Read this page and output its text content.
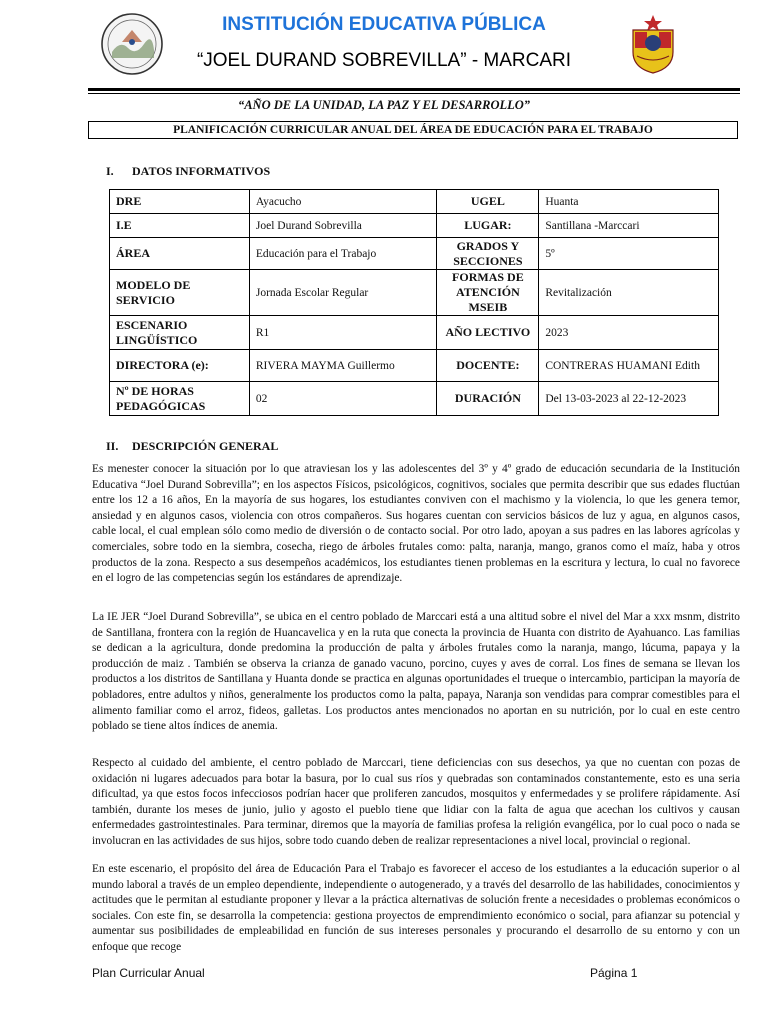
INSTITUCIÓN EDUCATIVA PÚBLICA
“JOEL DURAND SOBREVILLA” - MARCARI
“AÑO DE LA UNIDAD, LA PAZ Y EL DESARROLLO”
PLANIFICACIÓN CURRICULAR ANUAL DEL ÁREA DE EDUCACIÓN PARA EL TRABAJO
I. DATOS INFORMATIVOS
DRE	Ayacucho	UGEL	Huanta
I.E	Joel Durand Sobrevilla	LUGAR:	Santillana -Marccari
ÁREA	Educación para el Trabajo	GRADOS Y SECCIONES	5º
MODELO DE SERVICIO	Jornada Escolar Regular	FORMAS DE ATENCIÓN MSEIB	Revitalización
ESCENARIO LINGÜÍSTICO	R1	AÑO LECTIVO	2023
DIRECTORA (e):	RIVERA MAYMA Guillermo	DOCENTE:	CONTRERAS HUAMANI Edith
Nº DE HORAS PEDAGÓGICAS	02	DURACIÓN	Del 13-03-2023 al 22-12-2023
II. DESCRIPCIÓN GENERAL

Es menester conocer la situación por lo que atraviesan los y las adolescentes del 3º y 4º grado de educación secundaria de la Institución Educativa “Joel Durand Sobrevilla”; en los aspectos Físicos, psicológicos, cognitivos, sociales que permita describir que sus edades fluctúan entre los 12 a 16 años, En la mayoría de sus hogares, los estudiantes conviven con el machismo y la violencia, lo que les genera temor, ansiedad y en algunos casos, violencia con otros compañeros. Sus hogares cuentan con servicios básicos de luz y agua, en algunos casos, cable local, el cual emplean sólo como medio de diversión o de contacto social. Por otro lado, apoyan a sus padres en las labores agrícolas y comerciales, sobre todo en la siembra, cosecha, riego de árboles frutales como: palta, naranja, mango, granos como el maíz, haba y otros productos de la zona. Respecto a sus desempeños académicos, los estudiantes tienen problemas en la escritura y lectura, lo cual no favorece en el logro de las competencias según los estándares de aprendizaje.

La IE JER “Joel Durand Sobrevilla”, se ubica en el centro poblado de Marccari está a una altitud sobre el nivel del Mar a xxx msnm, distrito de Santillana, frontera con la región de Huancavelica y en la ruta que conecta la provincia de Huanta con distrito de Ayahuanco. Las familias se dedican a la agricultura, donde predomina la producción de palta y árboles frutales como la naranja, mango, lúcuma, papaya y la producción de maiz . También se observa la crianza de ganado vacuno, porcino, cuyes y aves de corral. Los fines de semana se llevan los productos a los distritos de Santillana y Huanta donde se practica en algunas oportunidades el trueque o intercambio, participan la mayoría de pobladores, entre adultos y niños, generalmente los productos como la palta, papaya, Naranja son vendidas para comprar comestibles para el alimento familiar como el arroz, fideos, galletas. Los productos antes mencionados no aportan en su nutrición, por lo cual en este centro poblado se tiene altos índices de anemia.

Respecto al cuidado del ambiente, el centro poblado de Marccari, tiene deficiencias con sus desechos, ya que no cuentan con pozas de oxidación ni lugares adecuados para botar la basura, por lo cual sus ríos y quebradas son contaminados constantemente, esto es una seria dificultad, ya que estos focos infecciosos podrían hacer que proliferen zancudos, mosquitos y enfermedades y se prolifere rápidamente. Así también, durante los meses de junio, julio y agosto el pueblo tiene que lidiar con la falta de agua que acechan los cultivos y causan enfermedades gastrointestinales. Para terminar, diremos que la mayoría de familias profesa la religión evangélica, por lo cual poco o nada se involucran en las actividades de sus hijos, sobre todo cuando deben de realizar representaciones a nivel local, provincial o regional.

En este escenario, el propósito del área de Educación Para el Trabajo es favorecer el acceso de los estudiantes a la educación superior o al mundo laboral a través de un empleo dependiente, independiente o autogenerado, y a través del desarrollo de las habilidades, conocimientos y actitudes que le permitan al estudiante proponer y llevar a la práctica alternativas de solución frente a necesidades o problemas económicos o sociales. Con este fin, se desarrolla la competencia: gestiona proyectos de emprendimiento económico o social, para afianzar su potencial y aumentar sus posibilidades de empleabilidad en función de sus intereses personales y procurando el desarrollo de su entorno y con un enfoque que recoge

Plan Curricular Anual	Página 1
